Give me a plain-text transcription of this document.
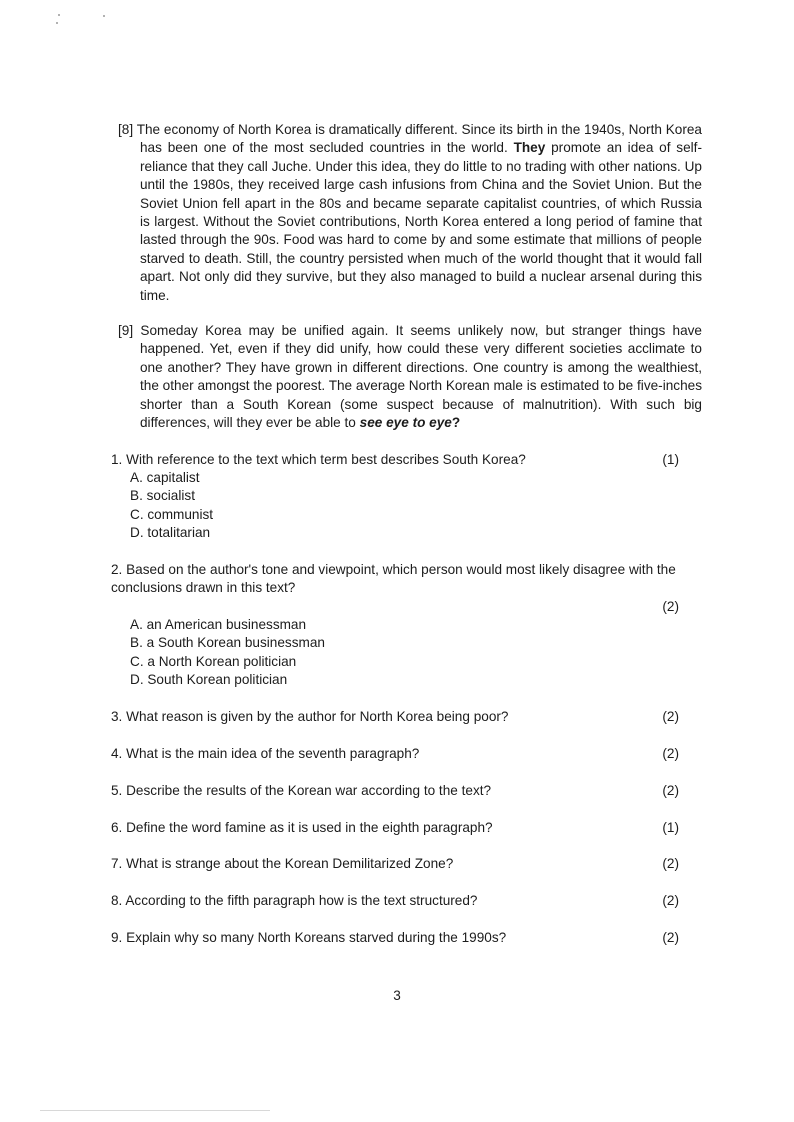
[8] The economy of North Korea is dramatically different. Since its birth in the 1940s, North Korea has been one of the most secluded countries in the world. They promote an idea of self-reliance that they call Juche. Under this idea, they do little to no trading with other nations. Up until the 1980s, they received large cash infusions from China and the Soviet Union. But the Soviet Union fell apart in the 80s and became separate capitalist countries, of which Russia is largest. Without the Soviet contributions, North Korea entered a long period of famine that lasted through the 90s. Food was hard to come by and some estimate that millions of people starved to death. Still, the country persisted when much of the world thought that it would fall apart. Not only did they survive, but they also managed to build a nuclear arsenal during this time.
[9] Someday Korea may be unified again. It seems unlikely now, but stranger things have happened. Yet, even if they did unify, how could these very different societies acclimate to one another? They have grown in different directions. One country is among the wealthiest, the other amongst the poorest. The average North Korean male is estimated to be five-inches shorter than a South Korean (some suspect because of malnutrition). With such big differences, will they ever be able to see eye to eye?
1. With reference to the text which term best describes South Korea?	(1)
A. capitalist
B. socialist
C. communist
D. totalitarian
2. Based on the author's tone and viewpoint, which person would most likely disagree with the conclusions drawn in this text?
(2)
A. an American businessman
B. a South Korean businessman
C. a North Korean politician
D. South Korean politician
3. What reason is given by the author for North Korea being poor?	(2)
4. What is the main idea of the seventh paragraph?	(2)
5. Describe the results of the Korean war according to the text?	(2)
6. Define the word famine as it is used in the eighth paragraph?	(1)
7. What is strange about the Korean Demilitarized Zone?	(2)
8. According to the fifth paragraph how is the text structured?	(2)
9. Explain why so many North Koreans starved during the 1990s?	(2)
3
